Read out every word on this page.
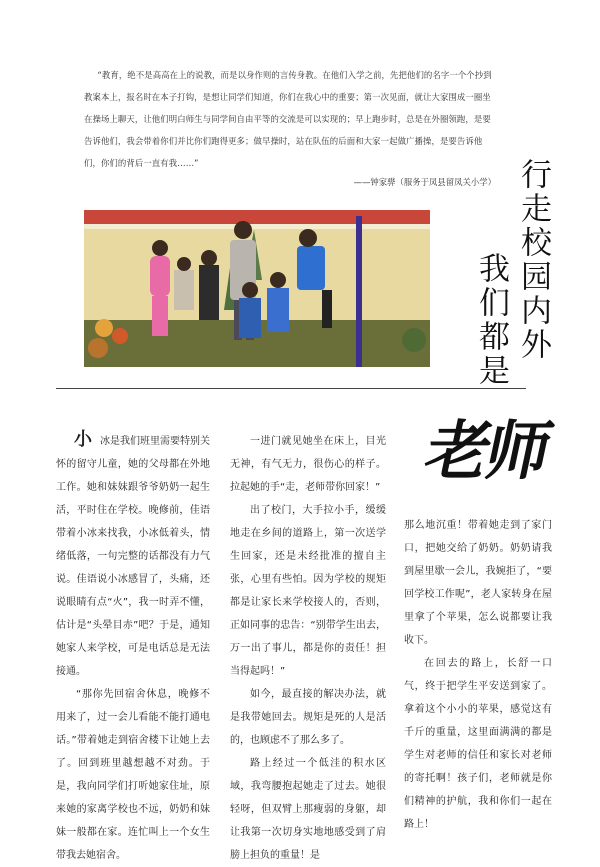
“教育，绝不是高高在上的说教，而是以身作则的言传身教。在他们入学之前，先把他们的名字一个个抄到教案本上，报名时在本子打钩，是想让同学们知道，你们在我心中的重要；第一次见面，就让大家围成一圈坐在操场上聊天，让他们明白师生与同学间自由平等的交流是可以实现的；早上跑步时，总是在外圈领跑，是要告诉他们，我会带着你们并比你们跑得更多；做早操时，站在队伍的后面和大家一起做广播操，是要告诉他们，你们的背后一直有我……”
——钟家骅（服务于凤县留凤关小学） 行走校园内外
我们都是
老师

小冰是我们班里需要特别关怀的留守儿童，她的父母都在外地工作。她和妹妹跟爷爷奶奶一起生活，平时住在学校。晚修前，佳语带着小冰来找我，小冰低着头，情绪低落，一句完整的话都没有力气说。佳语说小冰感冒了，头痛，还说眼睛有点“火”，我一时弄不懂，估计是“头晕目赤”吧？于是，通知她家人来学校，可是电话总是无法接通。

“那你先回宿舍休息，晚修不用来了，过一会儿看能不能打通电话。”带着她走到宿舍楼下让她上去了。回到班里越想越不对劲。于是，我向同学们打听她家住址，原来她的家离学校也不远，奶奶和妹妹一般都在家。连忙叫上一个女生带我去她宿舍。

一进门就见她坐在床上，目光无神，有气无力，很伤心的样子。拉起她的手“走，老师带你回家！”

出了校门，大手拉小手，缓缓地走在乡间的道路上，第一次送学生回家，还是未经批准的擅自主张，心里有些怕。因为学校的规矩都是让家长来学校接人的，否则，正如同事的忠告：“别带学生出去，万一出了事儿，都是你的责任！担当得起吗！”

如今，最直接的解决办法，就是我带她回去。规矩是死的人是活的，也顾虑不了那么多了。

路上经过一个低洼的积水区域，我弯腰抱起她走了过去。她很轻呀，但双臂上那瘦弱的身躯，却让我第一次切身实地地感受到了肩膀上担负的重量！是

那么地沉重！带着她走到了家门口，把她交给了奶奶。奶奶请我到屋里歇一会儿，我婉拒了，“要回学校工作呢”，老人家转身在屋里拿了个苹果，怎么说都要让我收下。

在回去的路上，长舒一口气，终于把学生平安送到家了。拿着这个小小的苹果，感觉这有千斤的重量，这里面满满的都是学生对老师的信任和家长对老师的寄托啊！孩子们，老师就是你们精神的护航，我和你们一起在路上！
